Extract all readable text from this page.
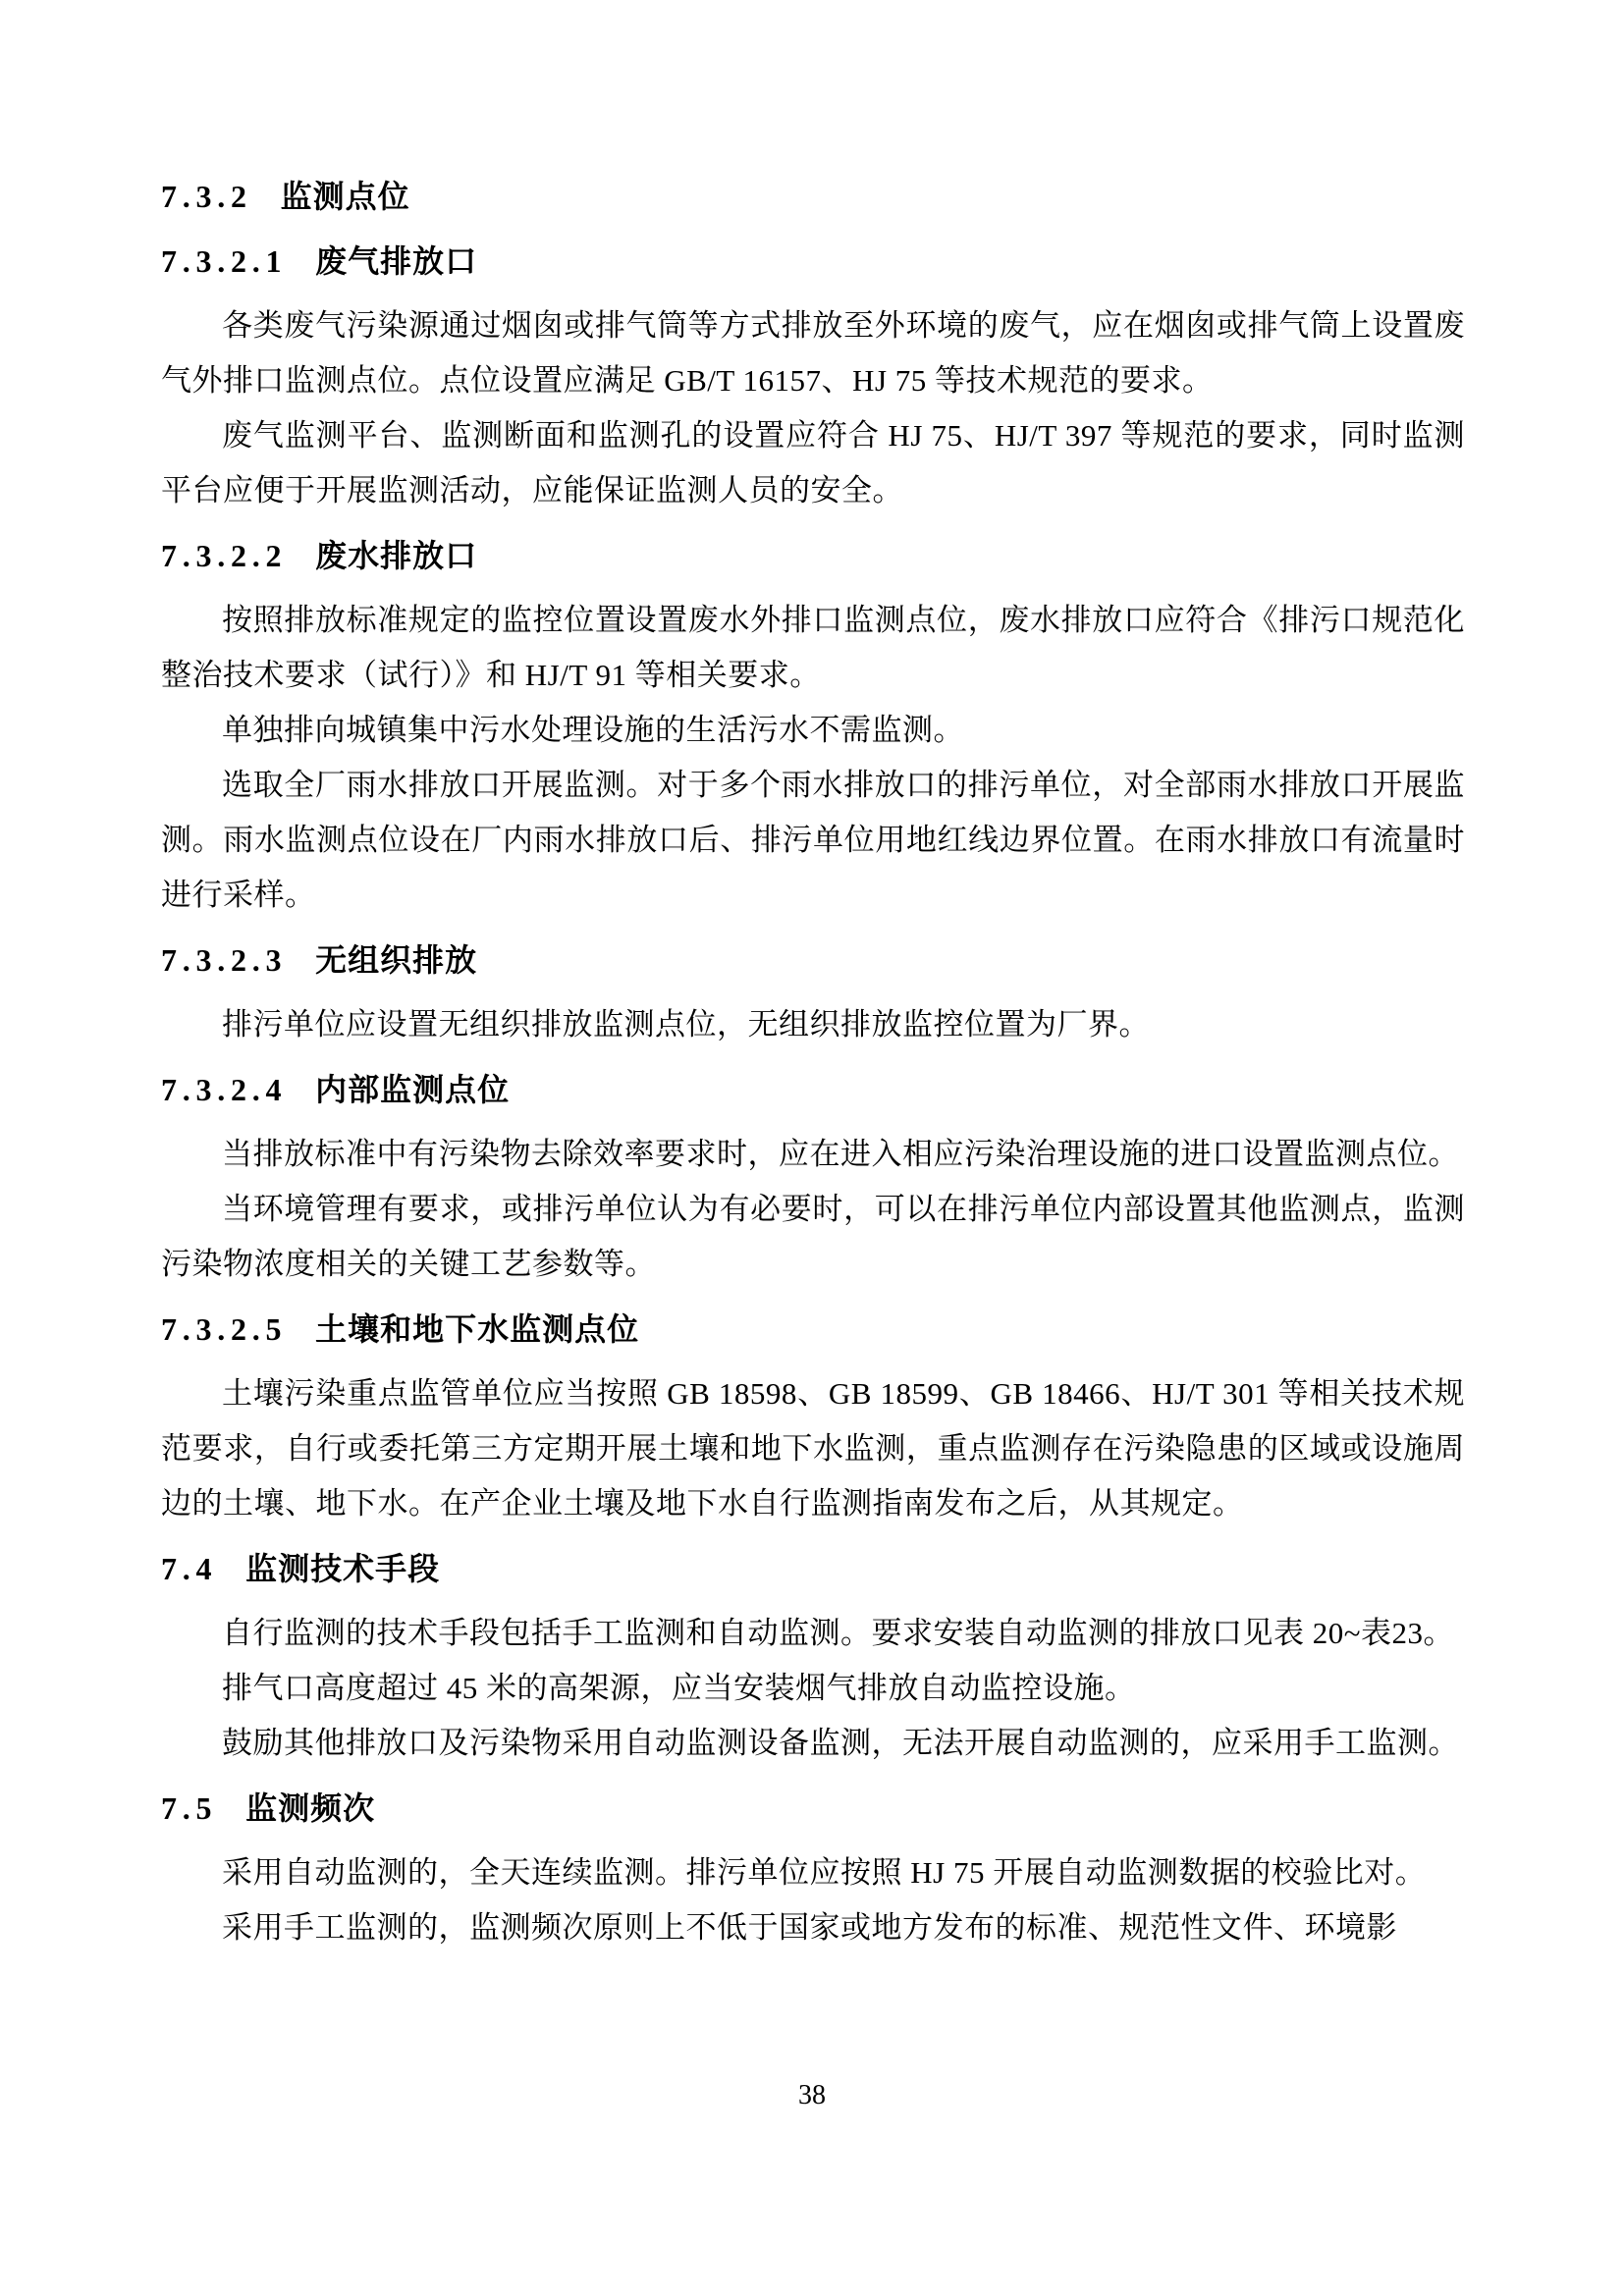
7.3.2 监测点位
7.3.2.1 废气排放口

各类废气污染源通过烟囱或排气筒等方式排放至外环境的废气，应在烟囱或排气筒上设置废气外排口监测点位。点位设置应满足 GB/T 16157、HJ 75 等技术规范的要求。

废气监测平台、监测断面和监测孔的设置应符合 HJ 75、HJ/T 397 等规范的要求，同时监测平台应便于开展监测活动，应能保证监测人员的安全。

7.3.2.2 废水排放口

按照排放标准规定的监控位置设置废水外排口监测点位，废水排放口应符合《排污口规范化整治技术要求（试行）》和 HJ/T 91 等相关要求。

单独排向城镇集中污水处理设施的生活污水不需监测。

选取全厂雨水排放口开展监测。对于多个雨水排放口的排污单位，对全部雨水排放口开展监测。雨水监测点位设在厂内雨水排放口后、排污单位用地红线边界位置。在雨水排放口有流量时进行采样。

7.3.2.3 无组织排放

排污单位应设置无组织排放监测点位，无组织排放监控位置为厂界。

7.3.2.4 内部监测点位

当排放标准中有污染物去除效率要求时，应在进入相应污染治理设施的进口设置监测点位。

当环境管理有要求，或排污单位认为有必要时，可以在排污单位内部设置其他监测点，监测污染物浓度相关的关键工艺参数等。

7.3.2.5 土壤和地下水监测点位

土壤污染重点监管单位应当按照 GB 18598、GB 18599、GB 18466、HJ/T 301 等相关技术规范要求，自行或委托第三方定期开展土壤和地下水监测，重点监测存在污染隐患的区域或设施周边的土壤、地下水。在产企业土壤及地下水自行监测指南发布之后，从其规定。

7.4 监测技术手段

自行监测的技术手段包括手工监测和自动监测。要求安装自动监测的排放口见表 20~表23。

排气口高度超过 45 米的高架源，应当安装烟气排放自动监控设施。

鼓励其他排放口及污染物采用自动监测设备监测，无法开展自动监测的，应采用手工监测。

7.5 监测频次

采用自动监测的，全天连续监测。排污单位应按照 HJ 75 开展自动监测数据的校验比对。

采用手工监测的，监测频次原则上不低于国家或地方发布的标准、规范性文件、环境影

38
